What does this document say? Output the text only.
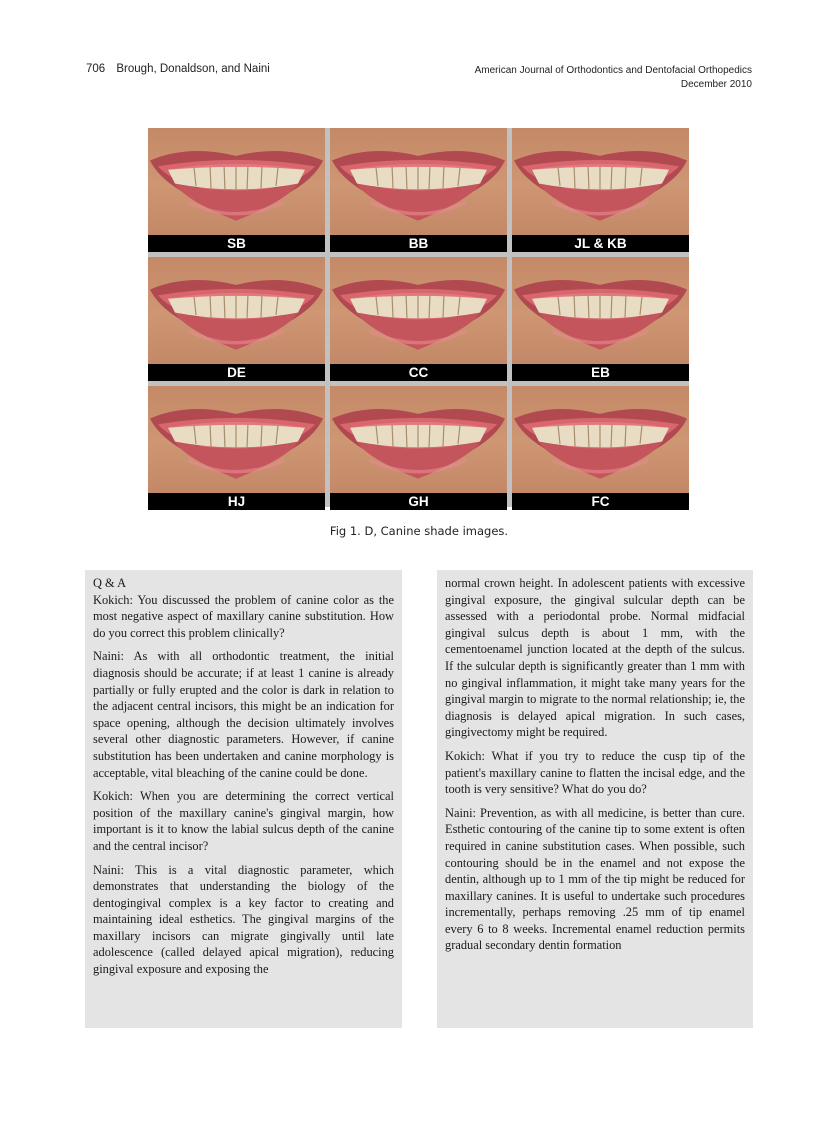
706 Brough, Donaldson, and Naini	American Journal of Orthodontics and Dentofacial Orthopedics
December 2010
SB	BB	JL & KB
DE	CC	EB
HJ	GH	FC
Fig 1. D, Canine shade images.

Q & A

Kokich: You discussed the problem of canine color as the most negative aspect of maxillary canine substitution. How do you correct this problem clinically?

Naini: As with all orthodontic treatment, the initial diagnosis should be accurate; if at least 1 canine is already partially or fully erupted and the color is dark in relation to the adjacent central incisors, this might be an indication for space opening, although the decision ultimately involves several other diagnostic parameters. However, if canine substitution has been undertaken and canine morphology is acceptable, vital bleaching of the canine could be done.

Kokich: When you are determining the correct vertical position of the maxillary canine's gingival margin, how important is it to know the labial sulcus depth of the canine and the central incisor?

Naini: This is a vital diagnostic parameter, which demonstrates that understanding the biology of the dentogingival complex is a key factor to creating and maintaining ideal esthetics. The gingival margins of the maxillary incisors can migrate gingivally until late adolescence (called delayed apical migration), reducing gingival exposure and exposing the

normal crown height. In adolescent patients with excessive gingival exposure, the gingival sulcular depth can be assessed with a periodontal probe. Normal midfacial gingival sulcus depth is about 1 mm, with the cementoenamel junction located at the depth of the sulcus. If the sulcular depth is significantly greater than 1 mm with no gingival inflammation, it might take many years for the gingival margin to migrate to the normal relationship; ie, the diagnosis is delayed apical migration. In such cases, gingivectomy might be required.

Kokich: What if you try to reduce the cusp tip of the patient's maxillary canine to flatten the incisal edge, and the tooth is very sensitive? What do you do?

Naini: Prevention, as with all medicine, is better than cure. Esthetic contouring of the canine tip to some extent is often required in canine substitution cases. When possible, such contouring should be in the enamel and not expose the dentin, although up to 1 mm of the tip might be reduced for maxillary canines. It is useful to undertake such procedures incrementally, perhaps removing .25 mm of tip enamel every 6 to 8 weeks. Incremental enamel reduction permits gradual secondary dentin formation
